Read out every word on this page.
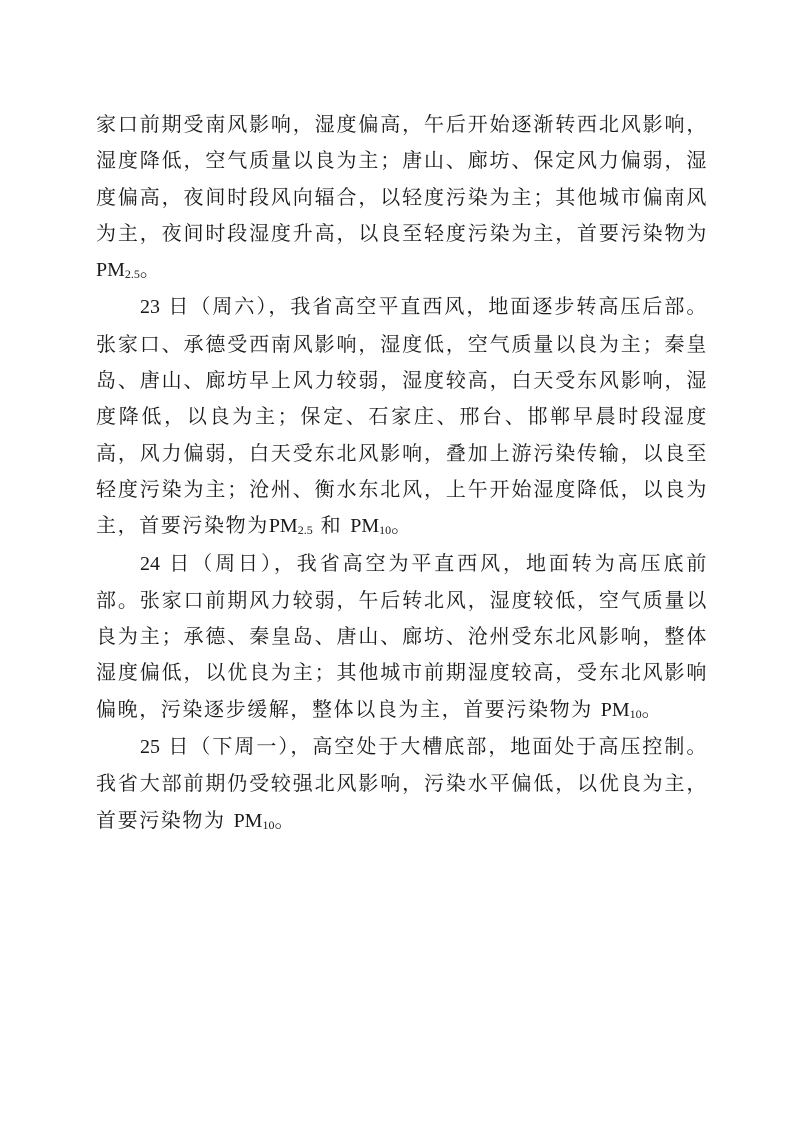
家口前期受南风影响，湿度偏高，午后开始逐渐转西北风影响，湿度降低，空气质量以良为主；唐山、廊坊、保定风力偏弱，湿度偏高，夜间时段风向辐合，以轻度污染为主；其他城市偏南风为主，夜间时段湿度升高，以良至轻度污染为主，首要污染物为 PM2.5。

23 日（周六），我省高空平直西风，地面逐步转高压后部。张家口、承德受西南风影响，湿度低，空气质量以良为主；秦皇岛、唐山、廊坊早上风力较弱，湿度较高，白天受东风影响，湿度降低，以良为主；保定、石家庄、邢台、邯郸早晨时段湿度高，风力偏弱，白天受东北风影响，叠加上游污染传输，以良至轻度污染为主；沧州、衡水东北风，上午开始湿度降低，以良为主，首要污染物为PM2.5 和 PM10。

24 日（周日），我省高空为平直西风，地面转为高压底前部。张家口前期风力较弱，午后转北风，湿度较低，空气质量以良为主；承德、秦皇岛、唐山、廊坊、沧州受东北风影响，整体湿度偏低，以优良为主；其他城市前期湿度较高，受东北风影响偏晚，污染逐步缓解，整体以良为主，首要污染物为 PM10。

25 日（下周一），高空处于大槽底部，地面处于高压控制。我省大部前期仍受较强北风影响，污染水平偏低，以优良为主，首要污染物为 PM10。
